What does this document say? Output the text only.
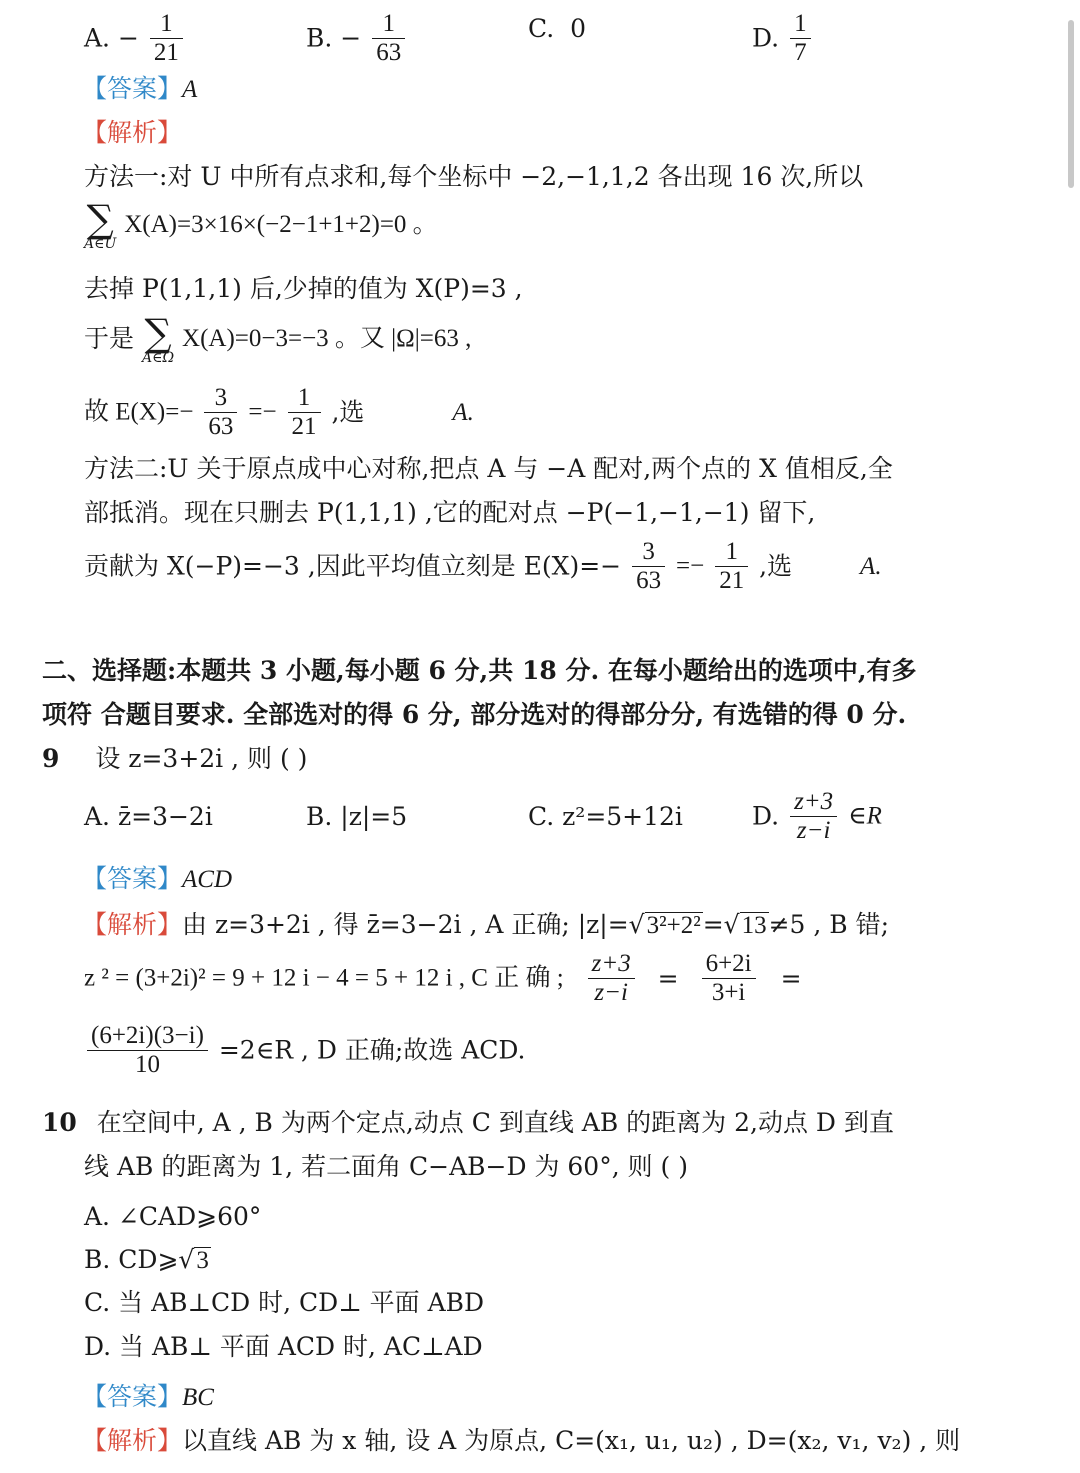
A. − $\frac{1}{21}$	B. − $\frac{1}{63}$	C. 0	D. $\frac{1}{7}$
【答案】A
【解析】
方法一:对 U 中所有点求和,每个坐标中 −2,−1,1,2 各出现 16 次,所以
∑
A∈U
X(A)=3×16×(−2−1+1+2)=0 。
去掉 P(1,1,1) 后,少掉的值为 X(P)=3 ,
于是 ∑
A∈Ω
X(A)=0−3=−3 。又 |Ω|=63 ,
故 $E(X)=- \frac{3}{63} =- \frac{1}{21}$ ,选	A.
方法二:U 关于原点成中心对称,把点 A 与 −A 配对,两个点的 X 值相反,全
部抵消。现在只删去 P(1,1,1) ,它的配对点 −P(−1,−1,−1) 留下,
贡献为 X(−P)=−3 ,因此平均值立刻是 $E(X)=- \frac{3}{63} =- \frac{1}{21}$ ,选	A.
二、选择题:本题共 3 小题,每小题 6 分,共 18 分. 在每小题给出的选项中,有多
项符 合题目要求. 全部选对的得 6 分, 部分选对的得部分分, 有选错的得 0 分.
9 设 z=3+2i , 则 ( )
A. z̄=3−2i	B. |z|=5	C. z²=5+12i	D. $\frac{z+3}{z-i}$ ∈R
【答案】ACD
【解析】由 z=3+2i , 得 z̄=3−2i , A 正确; |z|=√3²+2²=√13≠5 , B 错;
z ² = (3+2i)² = 9 + 12 i − 4 = 5 + 12 i , C 正 确 ; $\frac{z+3}{z-i} = \frac{6+2i}{3+i}$ =
$\frac{(6+2i)(3-i)}{10}$ =2∈R , D 正确;故选 ACD.
10 在空间中, A , B 为两个定点,动点 C 到直线 AB 的距离为 2,动点 D 到直
线 AB 的距离为 1, 若二面角 C−AB−D 为 60°, 则 ( )
A. ∠CAD⩾60°
B. CD⩾√3
C. 当 AB⊥CD 时, CD⊥ 平面 ABD
D. 当 AB⊥ 平面 ACD 时, AC⊥AD
【答案】BC
【解析】以直线 AB 为 x 轴, 设 A 为原点, C=(x₁, u₁, u₂) , D=(x₂, v₁, v₂) , 则
